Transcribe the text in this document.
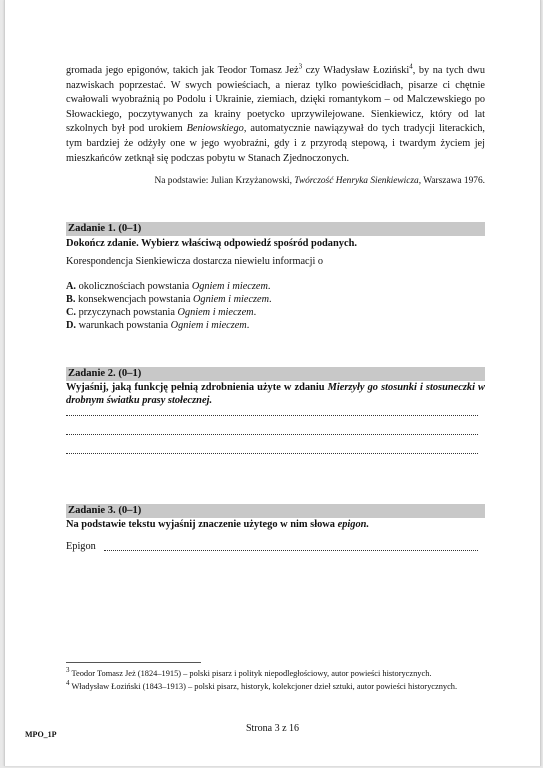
gromada jego epigonów, takich jak Teodor Tomasz Jeż$^3$ czy Władysław Łoziński$^4$, by na tych dwu nazwiskach poprzestać. W swych powieściach, a nieraz tylko powieścidłach, pisarze ci chętnie cwałowali wyobraźnią po Podolu i Ukrainie, ziemiach, dzięki romantykom – od Malczewskiego po Słowackiego, poczytywanych za krainy poetycko uprzywilejowane. Sienkiewicz, który od lat szkolnych był pod urokiem Beniowskiego, automatycznie nawiązywał do tych tradycji literackich, tym bardziej że odżyły one w jego wyobraźni, gdy i z przyrodą stepową, i twardym życiem jej mieszkańców zetknął się podczas pobytu w Stanach Zjednoczonych.

Na podstawie: Julian Krzyżanowski, Twórczość Henryka Sienkiewicza, Warszawa 1976.
Zadanie 1. (0–1)
Dokończ zdanie. Wybierz właściwą odpowiedź spośród podanych.
Korespondencja Sienkiewicza dostarcza niewielu informacji o
A. okolicznościach powstania Ogniem i mieczem.
B. konsekwencjach powstania Ogniem i mieczem.
C. przyczynach powstania Ogniem i mieczem.
D. warunkach powstania Ogniem i mieczem.
Zadanie 2. (0–1)
Wyjaśnij, jaką funkcję pełnią zdrobnienia użyte w zdaniu Mierzyły go stosunki i stosuneczki w drobnym światku prasy stołecznej.
Zadanie 3. (0–1)
Na podstawie tekstu wyjaśnij znaczenie użytego w nim słowa epigon.
Epigon
$^3$ Teodor Tomasz Jeż (1824–1915) – polski pisarz i polityk niepodległościowy, autor powieści historycznych.
$^4$ Władysław Łoziński (1843–1913) – polski pisarz, historyk, kolekcjoner dzieł sztuki, autor powieści historycznych.
MPO_1P
Strona 3 z 16
